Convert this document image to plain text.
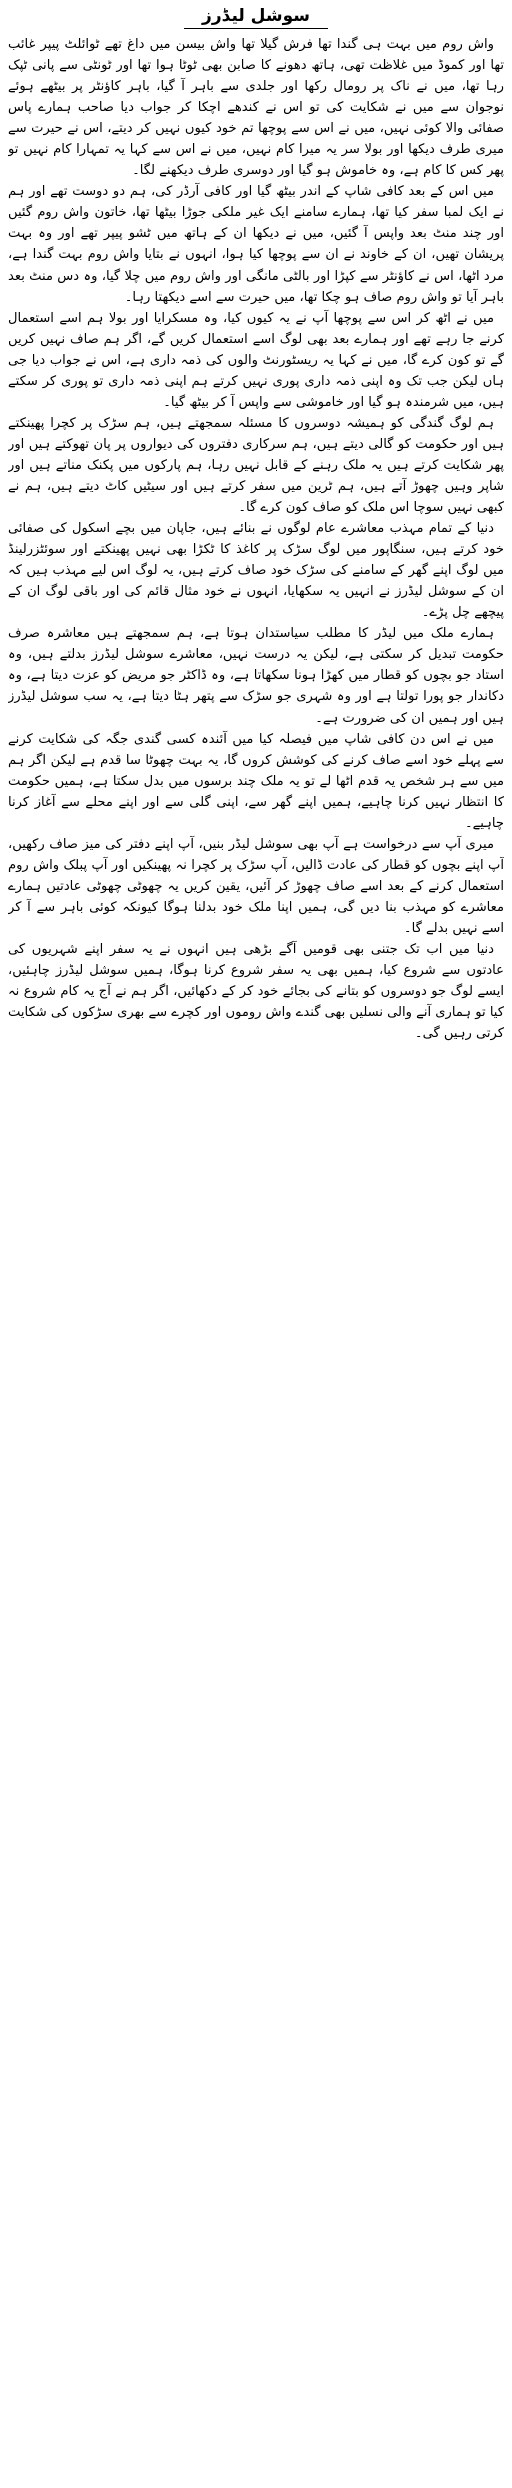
سوشل لیڈرز

واش روم میں بہت ہی گندا تھا فرش گیلا تھا واش بیسن میں داغ تھے ٹوائلٹ پیپر غائب تھا اور کموڈ میں غلاظت تھی، ہاتھ دھونے کا صابن بھی ٹوٹا ہوا تھا اور ٹونٹی سے پانی ٹپک رہا تھا، میں نے ناک پر رومال رکھا اور جلدی سے باہر آ گیا، باہر کاؤنٹر پر بیٹھے ہوئے نوجوان سے میں نے شکایت کی تو اس نے کندھے اچکا کر جواب دیا صاحب ہمارے پاس صفائی والا کوئی نہیں، میں نے اس سے پوچھا تم خود کیوں نہیں کر دیتے، اس نے حیرت سے میری طرف دیکھا اور بولا سر یہ میرا کام نہیں، میں نے اس سے کہا یہ تمہارا کام نہیں تو پھر کس کا کام ہے، وہ خاموش ہو گیا اور دوسری طرف دیکھنے لگا۔

میں اس کے بعد کافی شاپ کے اندر بیٹھ گیا اور کافی آرڈر کی، ہم دو دوست تھے اور ہم نے ایک لمبا سفر کیا تھا، ہمارے سامنے ایک غیر ملکی جوڑا بیٹھا تھا، خاتون واش روم گئیں اور چند منٹ بعد واپس آ گئیں، میں نے دیکھا ان کے ہاتھ میں ٹشو پیپر تھے اور وہ بہت پریشان تھیں، ان کے خاوند نے ان سے پوچھا کیا ہوا، انہوں نے بتایا واش روم بہت گندا ہے، مرد اٹھا، اس نے کاؤنٹر سے کپڑا اور بالٹی مانگی اور واش روم میں چلا گیا، وہ دس منٹ بعد باہر آیا تو واش روم صاف ہو چکا تھا، میں حیرت سے اسے دیکھتا رہا۔

میں نے اٹھ کر اس سے پوچھا آپ نے یہ کیوں کیا، وہ مسکرایا اور بولا ہم اسے استعمال کرنے جا رہے تھے اور ہمارے بعد بھی لوگ اسے استعمال کریں گے، اگر ہم صاف نہیں کریں گے تو کون کرے گا، میں نے کہا یہ ریسٹورنٹ والوں کی ذمہ داری ہے، اس نے جواب دیا جی ہاں لیکن جب تک وہ اپنی ذمہ داری پوری نہیں کرتے ہم اپنی ذمہ داری تو پوری کر سکتے ہیں، میں شرمندہ ہو گیا اور خاموشی سے واپس آ کر بیٹھ گیا۔

ہم لوگ گندگی کو ہمیشہ دوسروں کا مسئلہ سمجھتے ہیں، ہم سڑک پر کچرا پھینکتے ہیں اور حکومت کو گالی دیتے ہیں، ہم سرکاری دفتروں کی دیواروں پر پان تھوکتے ہیں اور پھر شکایت کرتے ہیں یہ ملک رہنے کے قابل نہیں رہا، ہم پارکوں میں پکنک مناتے ہیں اور شاپر وہیں چھوڑ آتے ہیں، ہم ٹرین میں سفر کرتے ہیں اور سیٹیں کاٹ دیتے ہیں، ہم نے کبھی نہیں سوچا اس ملک کو صاف کون کرے گا۔

دنیا کے تمام مہذب معاشرے عام لوگوں نے بنائے ہیں، جاپان میں بچے اسکول کی صفائی خود کرتے ہیں، سنگاپور میں لوگ سڑک پر کاغذ کا ٹکڑا بھی نہیں پھینکتے اور سوئٹزرلینڈ میں لوگ اپنے گھر کے سامنے کی سڑک خود صاف کرتے ہیں، یہ لوگ اس لیے مہذب ہیں کہ ان کے سوشل لیڈرز نے انہیں یہ سکھایا، انہوں نے خود مثال قائم کی اور باقی لوگ ان کے پیچھے چل پڑے۔

ہمارے ملک میں لیڈر کا مطلب سیاستدان ہوتا ہے، ہم سمجھتے ہیں معاشرہ صرف حکومت تبدیل کر سکتی ہے، لیکن یہ درست نہیں، معاشرے سوشل لیڈرز بدلتے ہیں، وہ استاد جو بچوں کو قطار میں کھڑا ہونا سکھاتا ہے، وہ ڈاکٹر جو مریض کو عزت دیتا ہے، وہ دکاندار جو پورا تولتا ہے اور وہ شہری جو سڑک سے پتھر ہٹا دیتا ہے، یہ سب سوشل لیڈرز ہیں اور ہمیں ان کی ضرورت ہے۔

میں نے اس دن کافی شاپ میں فیصلہ کیا میں آئندہ کسی گندی جگہ کی شکایت کرنے سے پہلے خود اسے صاف کرنے کی کوشش کروں گا، یہ بہت چھوٹا سا قدم ہے لیکن اگر ہم میں سے ہر شخص یہ قدم اٹھا لے تو یہ ملک چند برسوں میں بدل سکتا ہے، ہمیں حکومت کا انتظار نہیں کرنا چاہیے، ہمیں اپنے گھر سے، اپنی گلی سے اور اپنے محلے سے آغاز کرنا چاہیے۔

میری آپ سے درخواست ہے آپ بھی سوشل لیڈر بنیں، آپ اپنے دفتر کی میز صاف رکھیں، آپ اپنے بچوں کو قطار کی عادت ڈالیں، آپ سڑک پر کچرا نہ پھینکیں اور آپ پبلک واش روم استعمال کرنے کے بعد اسے صاف چھوڑ کر آئیں، یقین کریں یہ چھوٹی چھوٹی عادتیں ہمارے معاشرے کو مہذب بنا دیں گی، ہمیں اپنا ملک خود بدلنا ہوگا کیونکہ کوئی باہر سے آ کر اسے نہیں بدلے گا۔

دنیا میں اب تک جتنی بھی قومیں آگے بڑھی ہیں انہوں نے یہ سفر اپنے شہریوں کی عادتوں سے شروع کیا، ہمیں بھی یہ سفر شروع کرنا ہوگا، ہمیں سوشل لیڈرز چاہئیں، ایسے لوگ جو دوسروں کو بتانے کی بجائے خود کر کے دکھائیں، اگر ہم نے آج یہ کام شروع نہ کیا تو ہماری آنے والی نسلیں بھی گندے واش روموں اور کچرے سے بھری سڑکوں کی شکایت کرتی رہیں گی۔
